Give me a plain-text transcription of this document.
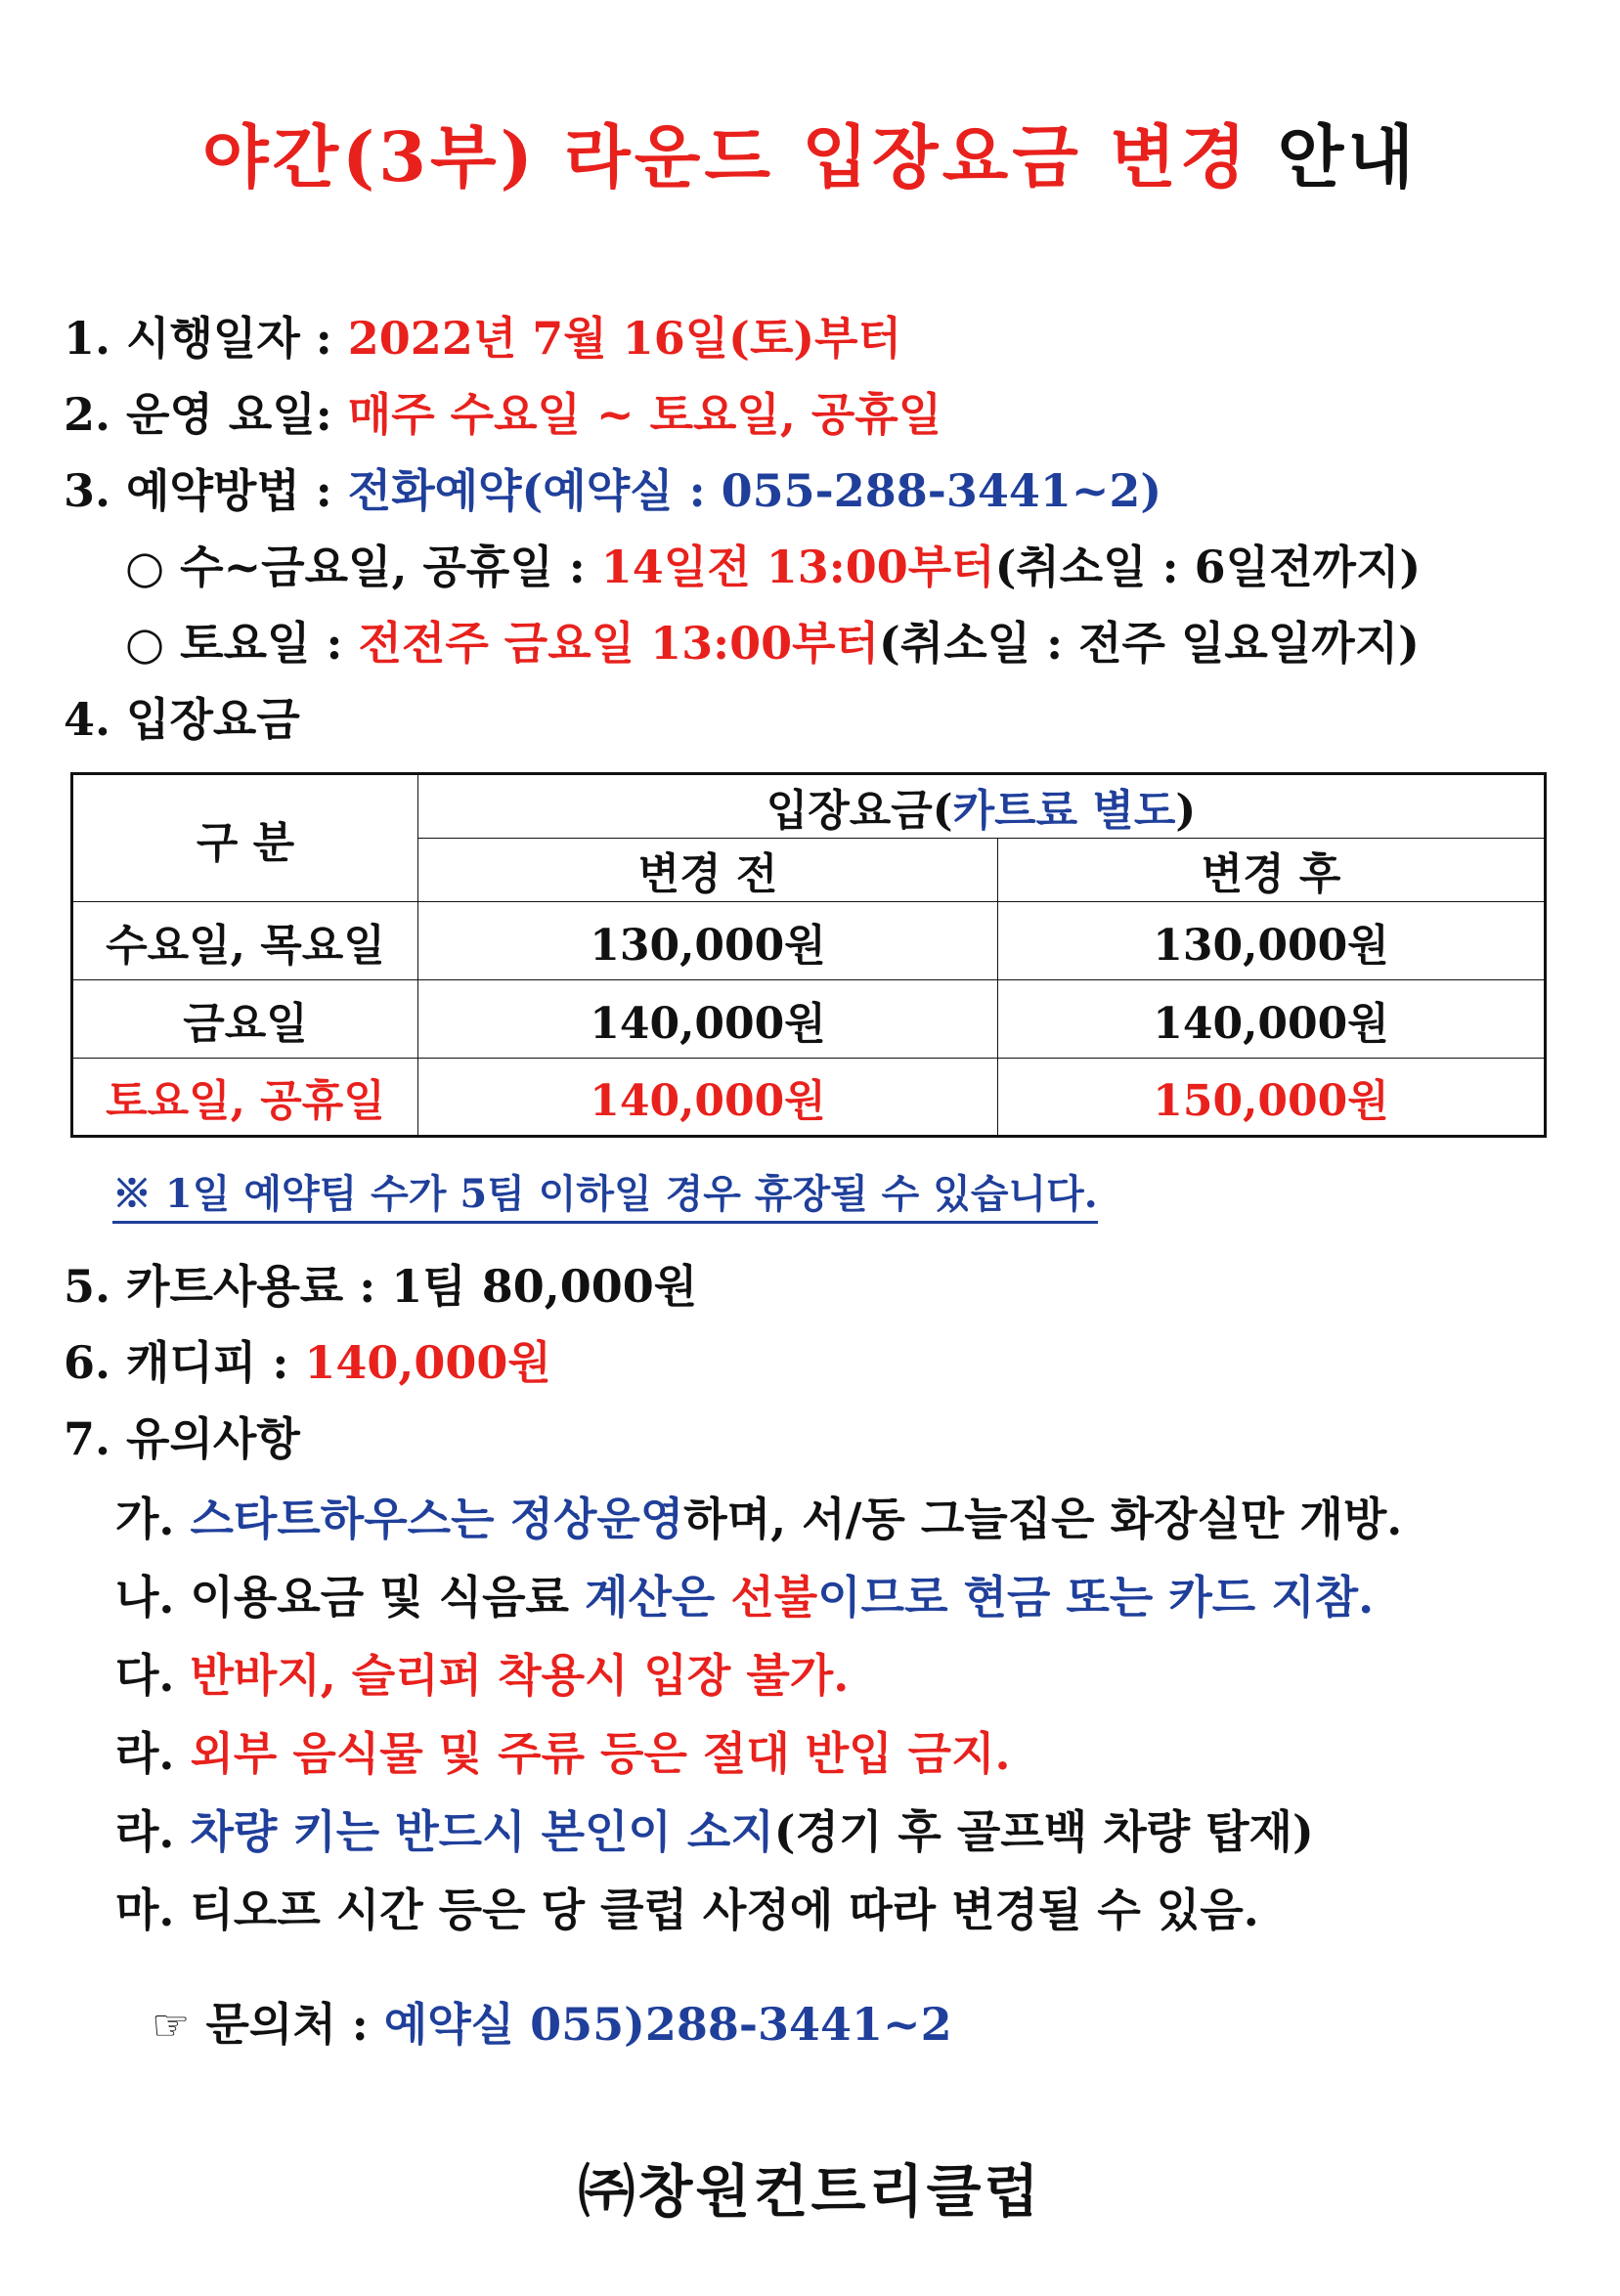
야간(3부) 라운드 입장요금 변경 안내
1. 시행일자 : 2022년 7월 16일(토)부터
2. 운영 요일: 매주 수요일 ~ 토요일, 공휴일
3. 예약방법 : 전화예약(예약실 : 055-288-3441~2)
○ 수~금요일, 공휴일 : 14일전 13:00부터(취소일 : 6일전까지)
○ 토요일 : 전전주 금요일 13:00부터(취소일 : 전주 일요일까지)
4. 입장요금
구 분	입장요금(카트료 별도)	
	변경 전	변경 후
수요일, 목요일	130,000원	130,000원
금요일	140,000원	140,000원
토요일, 공휴일	140,000원	150,000원
※ 1일 예약팀 수가 5팀 이하일 경우 휴장될 수 있습니다.
5. 카트사용료 : 1팀 80,000원
6. 캐디피 : 140,000원
7. 유의사항
가. 스타트하우스는 정상운영하며, 서/동 그늘집은 화장실만 개방.
나. 이용요금 및 식음료 계산은 선불이므로 현금 또는 카드 지참.
다. 반바지, 슬리퍼 착용시 입장 불가.
라. 외부 음식물 및 주류 등은 절대 반입 금지.
라. 차량 키는 반드시 본인이 소지(경기 후 골프백 차량 탑재)
마. 티오프 시간 등은 당 클럽 사정에 따라 변경될 수 있음.
☞ 문의처 : 예약실 055)288-3441~2
㈜창원컨트리클럽
